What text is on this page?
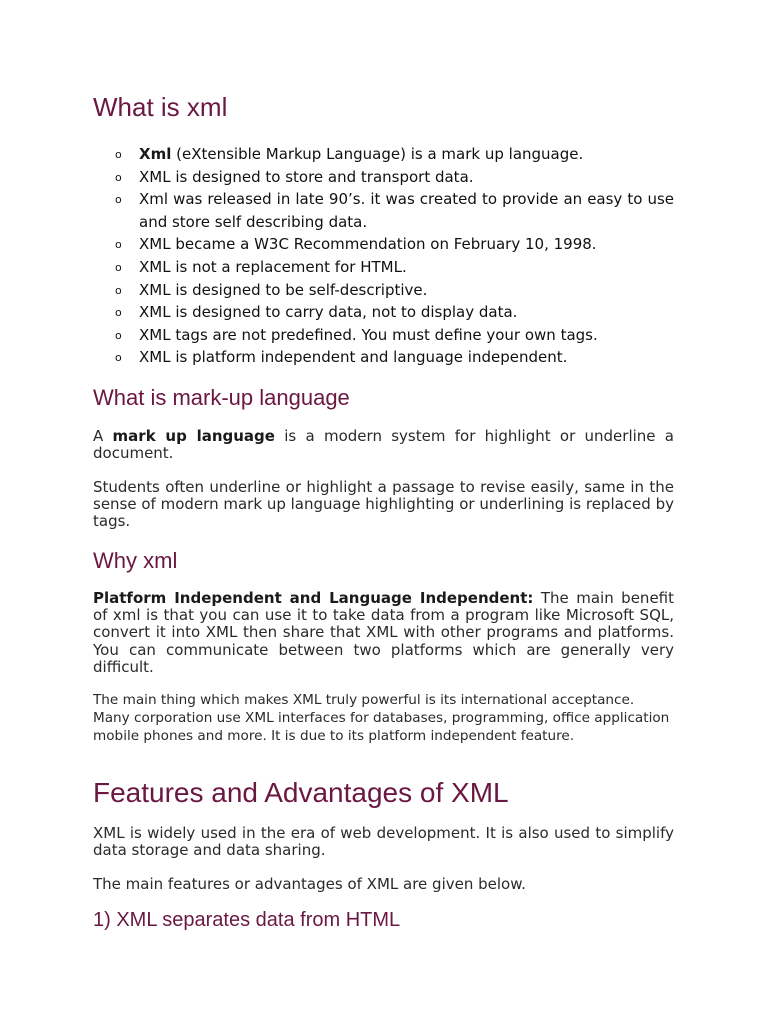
What is xml
o Xml (eXtensible Markup Language) is a mark up language.
o XML is designed to store and transport data.
o Xml was released in late 90’s. it was created to provide an easy to use and store self describing data.
o XML became a W3C Recommendation on February 10, 1998.
o XML is not a replacement for HTML.
o XML is designed to be self-descriptive.
o XML is designed to carry data, not to display data.
o XML tags are not predefined. You must define your own tags.
o XML is platform independent and language independent.
What is mark-up language

A mark up language is a modern system for highlight or underline a document.

Students often underline or highlight a passage to revise easily, same in the sense of modern mark up language highlighting or underlining is replaced by tags.

Why xml

Platform Independent and Language Independent: The main benefit of xml is that you can use it to take data from a program like Microsoft SQL, convert it into XML then share that XML with other programs and platforms. You can communicate between two platforms which are generally very difficult.

The main thing which makes XML truly powerful is its international acceptance. Many corporation use XML interfaces for databases, programming, office application mobile phones and more. It is due to its platform independent feature.

Features and Advantages of XML

XML is widely used in the era of web development. It is also used to simplify data storage and data sharing.

The main features or advantages of XML are given below.

1) XML separates data from HTML
